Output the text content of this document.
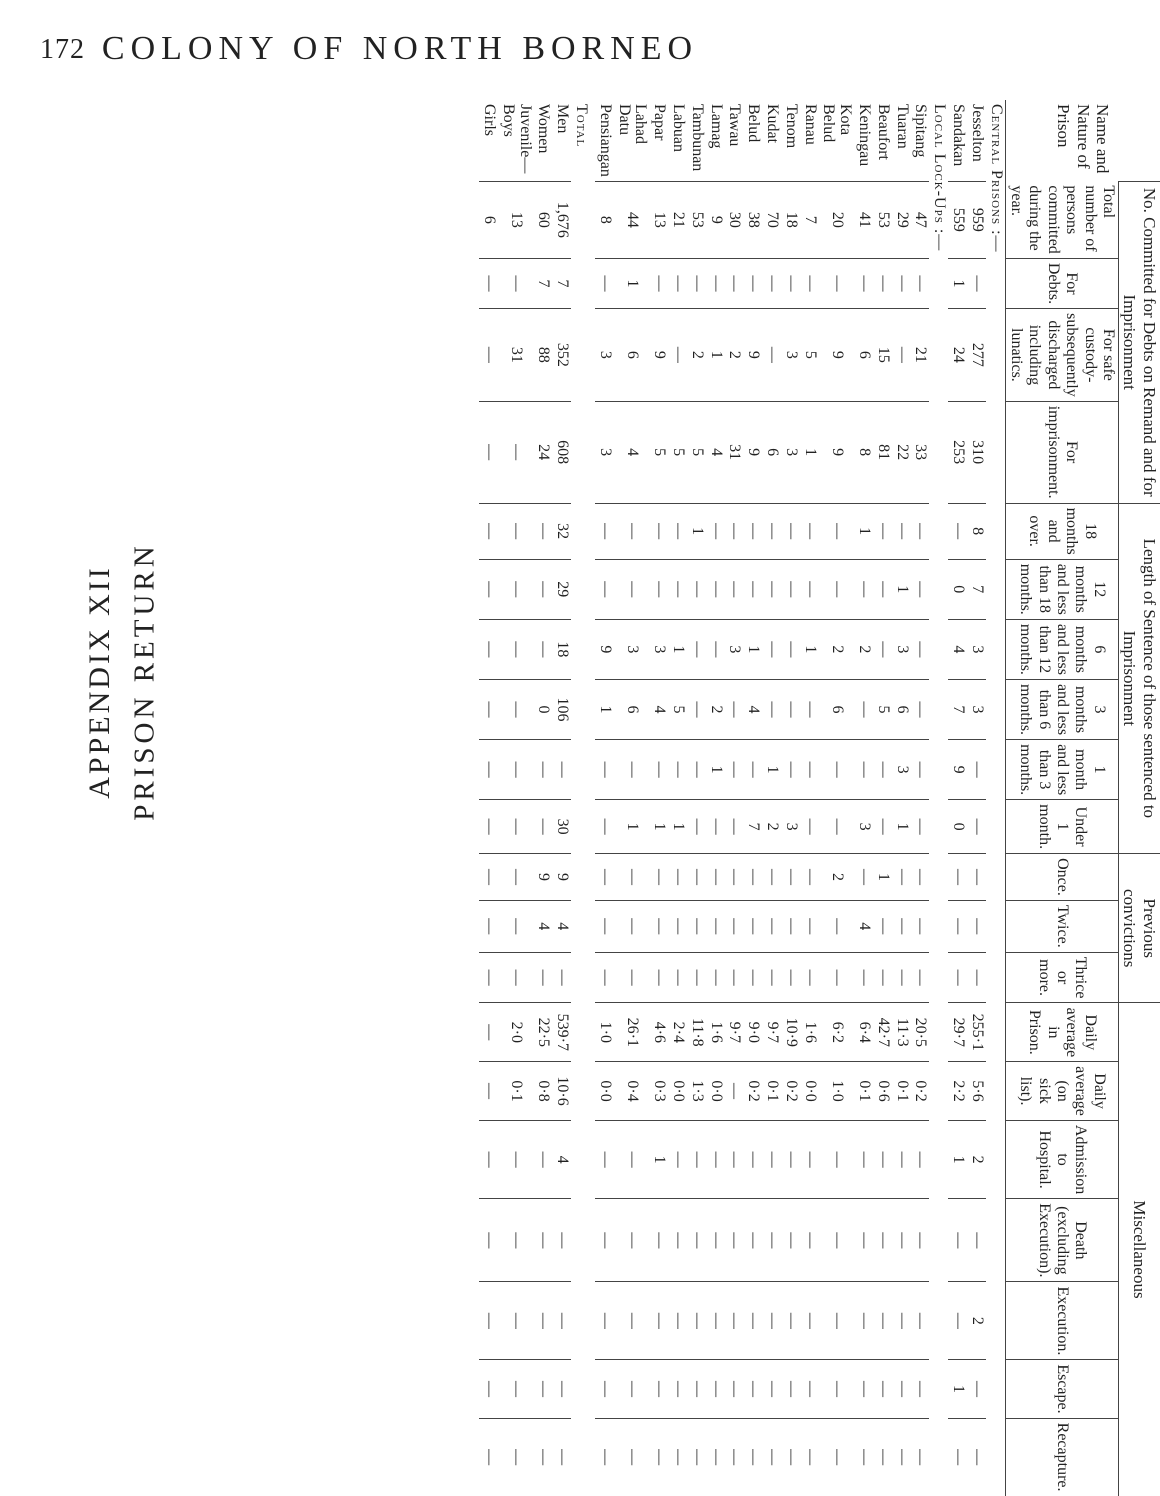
172 COLONY OF NORTH BORNEO
APPENDIX XII PRISON RETURN
Name and Nature of Prison	No. Committed for Debts on Remand and for Imprisonment				Length of Sentence of those sentenced to Imprisonment						Previous convictions			Miscellaneous						
	Total number of persons committed during the year.	For Debts.	For safe custody-subsequently discharged including lunatics.	For imprisonment.	18 months and over.	12 months and less than 18 months.	6 months and less than 12 months.	3 months and less than 6 months.	1 month and less than 3 months.	Under 1 month.	Once.	Twice.	Thrice or more.	Daily average in Prison.	Daily average (on sick list).	Admission to Hospital.	Death (excluding Execution).	Execution.	Escape.	Recapture.
Central Prisons :—																				
Jesselton	959	—	277	310	8	7	3	3	—	—	—	—	—	255·1	5·6	2	—	2	—	—
Sandakan	559	1	24	253	—	0	4	7	9	0	—	—	—	29·7	2·2	1	—	—	1	—
Local Lock-Ups :—																				
Sipitang	47	—	21	33	—	—	—	—	—	—	—	—	—	20·5	0·2	—	—	—	—	—
Tuaran	29	—	—	22	—	1	3	6	3	1	—	—	—	11·3	0·1	—	—	—	—	—
Beaufort	53	—	15	81	—	—	—	5	—	—	1	—	—	42·7	0·6	—	—	—	—	—
Keningau	41	—	6	8	1	—	2	—	—	3	—	4	—	6·4	0·1	—	—	—	—	—
Kota Belud	20	—	9	9	—	—	2	6	—	—	2	—	—	6·2	1·0	—	—	—	—	—
Ranau	7	—	5	1	—	—	1	—	—	—	—	—	—	1·6	0·0	—	—	—	—	—
Tenom	18	—	3	3	—	—	—	—	—	3	—	—	—	10·9	0·2	—	—	—	—	—
Kudat	70	—	—	6	—	—	—	—	1	2	—	—	—	9·7	0·1	—	—	—	—	—
Belud	38	—	9	9	—	—	1	4	—	7	—	—	—	9·0	0·2	—	—	—	—	—
Tawau	30	—	2	31	—	—	3	—	—	—	—	—	—	9·7	—	—	—	—	—	—
Lamag	9	—	1	4	—	—	—	2	1	—	—	—	—	1·6	0·0	—	—	—	—	—
Tambunan	53	—	2	5	1	—	—	—	—	—	—	—	—	11·8	1·3	—	—	—	—	—
Labuan	21	—	—	5	—	—	1	5	—	1	—	—	—	2·4	0·0	—	—	—	—	—
Papar	13	—	9	5	—	—	3	4	—	1	—	—	—	4·6	0·3	1	—	—	—	—
Lahad Datu	44	1	6	4	—	—	3	6	—	1	—	—	—	26·1	0·4	—	—	—	—	—
Pensiangan	8	—	3	3	—	—	9	1	—	—	—	—	—	1·0	0·0	—	—	—	—	—
Total																				
Men	1,676	7	352	608	32	29	18	106	—	30	9	4	—	539·7	10·6	4	—	—	—	—
Women	60	7	88	24	—	—	—	0	—	—	9	4	—	22·5	0·8	—	—	—	—	—
Juvenile—Boys	13	—	31	—	—	—	—	—	—	—	—	—	—	2·0	0·1	—	—	—	—	—
Girls	6	—	—	—	—	—	—	—	—	—	—	—	—	—	—	—	—	—	—	—
